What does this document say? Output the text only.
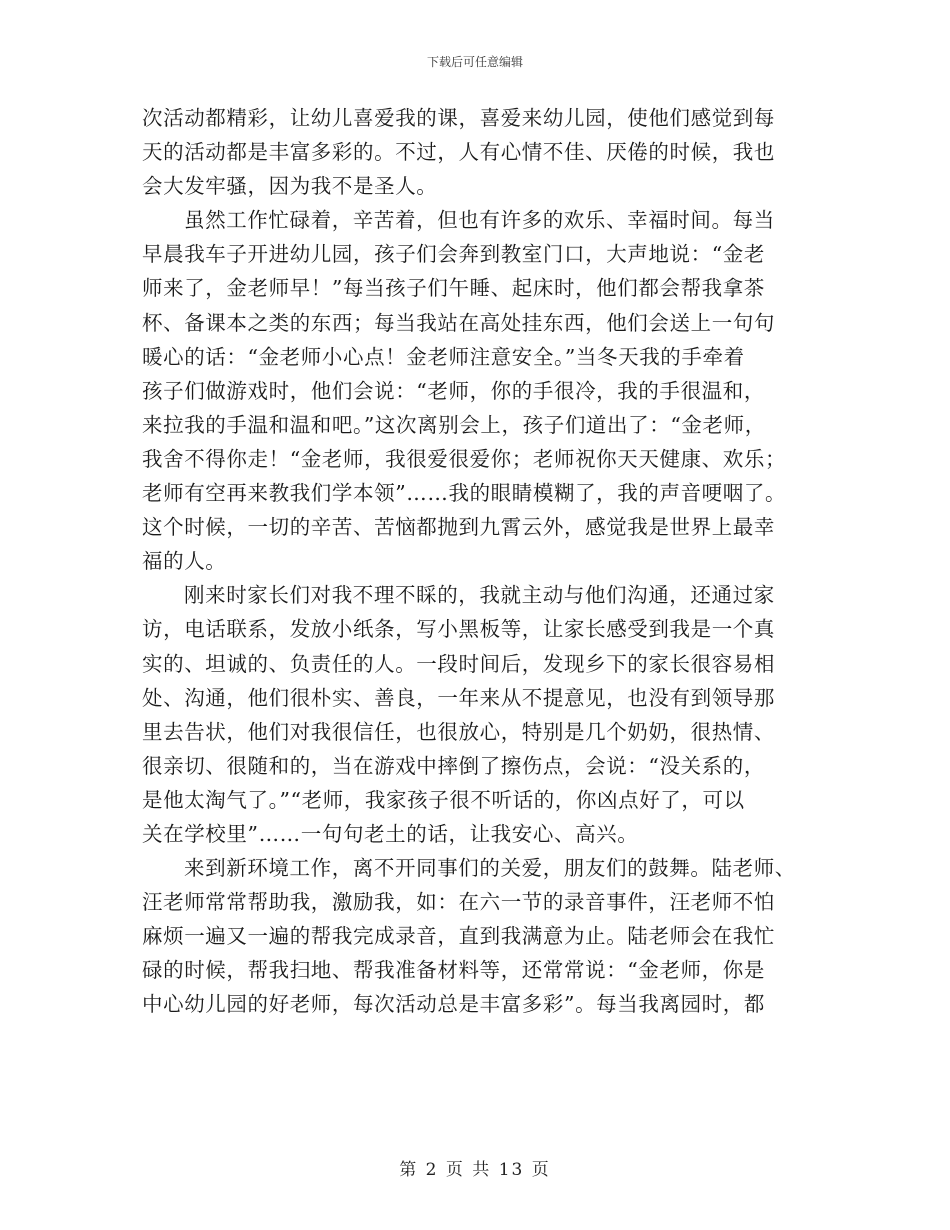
下载后可任意编辑
次活动都精彩，让幼儿喜爱我的课，喜爱来幼儿园，使他们感觉到每
天的活动都是丰富多彩的。不过，人有心情不佳、厌倦的时候，我也
会大发牢骚，因为我不是圣人。
虽然工作忙碌着，辛苦着，但也有许多的欢乐、幸福时间。每当
早晨我车子开进幼儿园，孩子们会奔到教室门口，大声地说：“金老
师来了，金老师早！”每当孩子们午睡、起床时，他们都会帮我拿茶
杯、备课本之类的东西；每当我站在高处挂东西，他们会送上一句句
暖心的话：“金老师小心点！金老师注意安全。”当冬天我的手牵着
孩子们做游戏时，他们会说：“老师，你的手很冷，我的手很温和，
来拉我的手温和温和吧。”这次离别会上，孩子们道出了：“金老师，
我舍不得你走！“金老师，我很爱很爱你；老师祝你天天健康、欢乐；
老师有空再来教我们学本领”……我的眼睛模糊了，我的声音哽咽了。
这个时候，一切的辛苦、苦恼都抛到九霄云外，感觉我是世界上最幸
福的人。
刚来时家长们对我不理不睬的，我就主动与他们沟通，还通过家
访，电话联系，发放小纸条，写小黑板等，让家长感受到我是一个真
实的、坦诚的、负责任的人。一段时间后，发现乡下的家长很容易相
处、沟通，他们很朴实、善良，一年来从不提意见，也没有到领导那
里去告状，他们对我很信任，也很放心，特别是几个奶奶，很热情、
很亲切、很随和的，当在游戏中摔倒了擦伤点，会说：“没关系的，
是他太淘气了。”“老师，我家孩子很不听话的，你凶点好了，可以
关在学校里”……一句句老土的话，让我安心、高兴。
来到新环境工作，离不开同事们的关爱，朋友们的鼓舞。陆老师、
汪老师常常帮助我，激励我，如：在六一节的录音事件，汪老师不怕
麻烦一遍又一遍的帮我完成录音，直到我满意为止。陆老师会在我忙
碌的时候，帮我扫地、帮我准备材料等，还常常说：“金老师，你是
中心幼儿园的好老师，每次活动总是丰富多彩”。每当我离园时，都
第 2 页 共 13 页
